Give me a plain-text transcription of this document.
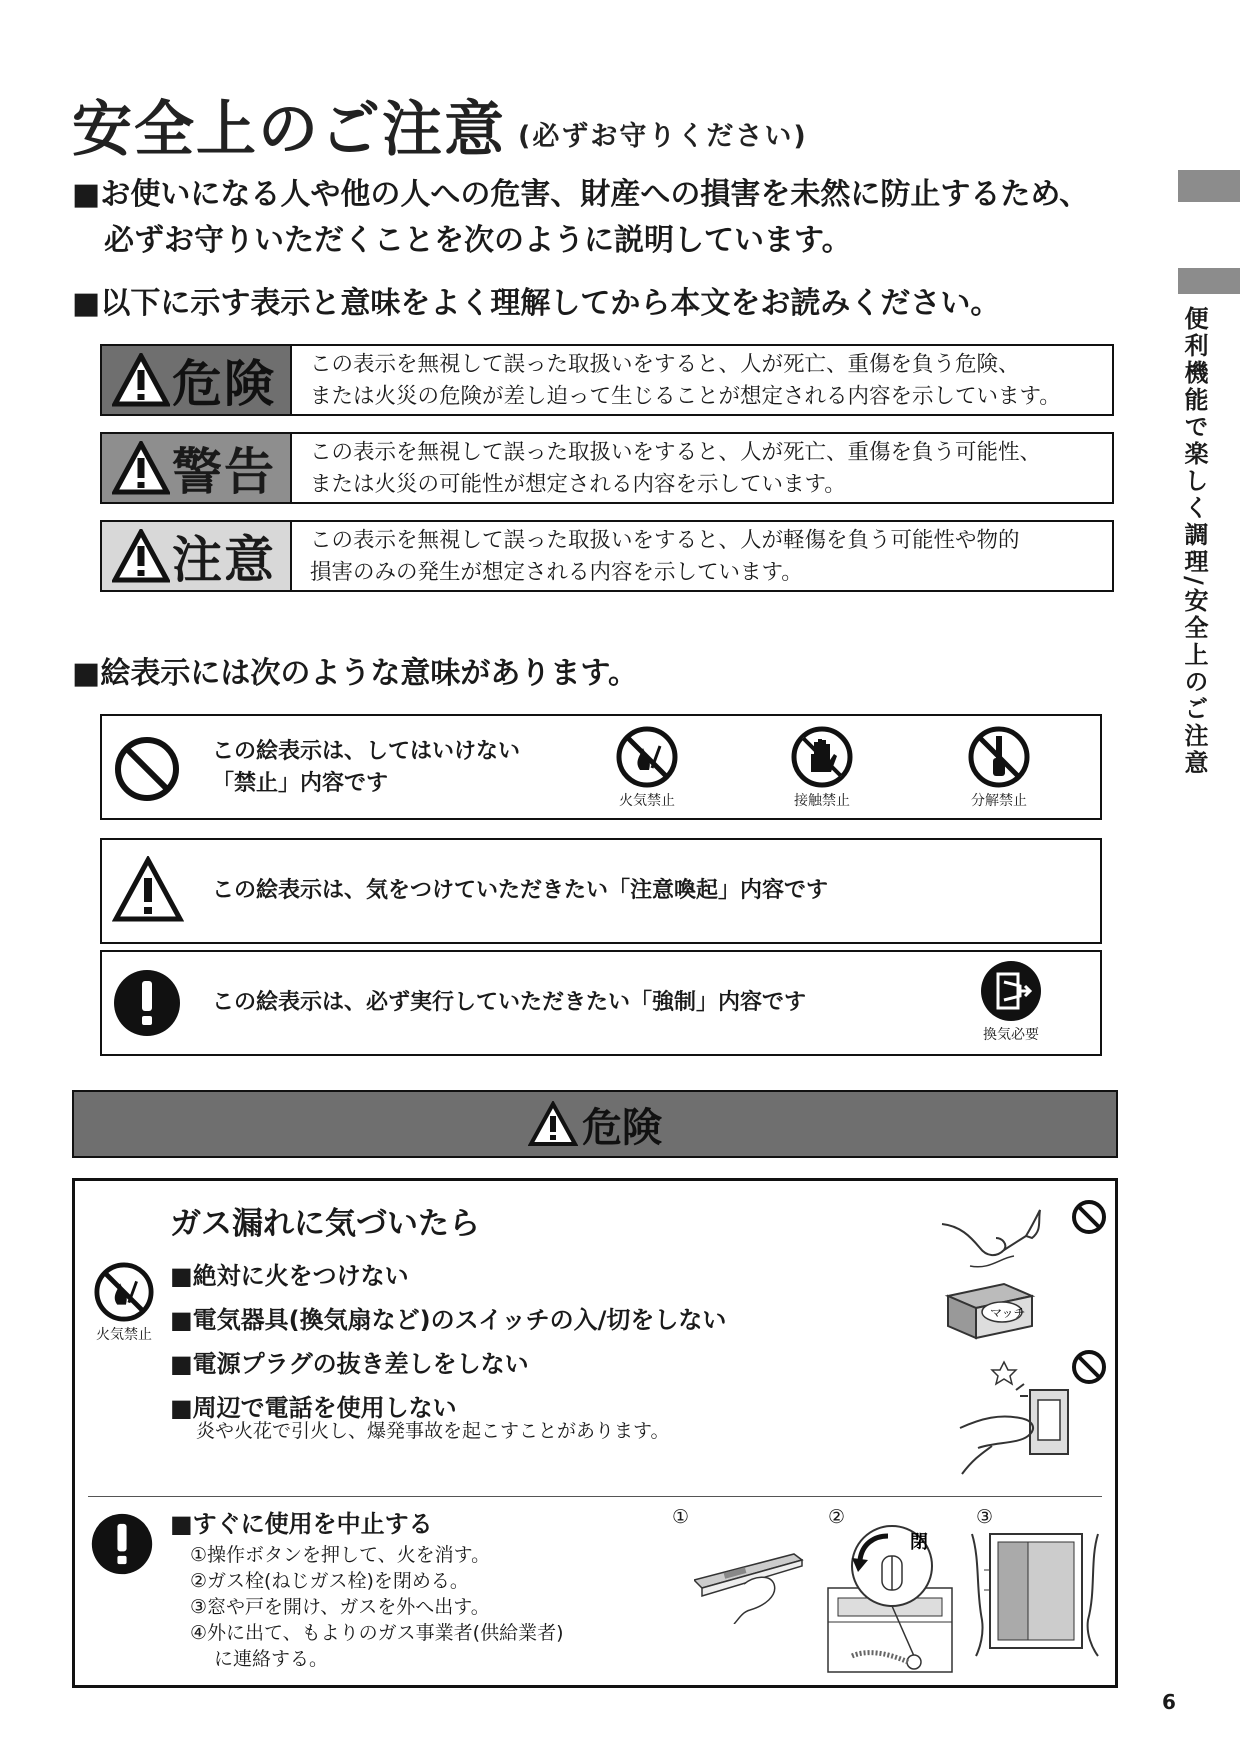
便利機能で楽しく調理/安全上のご注意
安全上のご注意 (必ずお守りください)
■お使いになる人や他の人への危害、財産への損害を未然に防止するため、
必ずお守りいただくことを次のように説明しています。
■以下に示す表示と意味をよく理解してから本文をお読みください。
危険 この表示を無視して誤った取扱いをすると、人が死亡、重傷を負う危険、
または火災の危険が差し迫って生じることが想定される内容を示しています。
警告 この表示を無視して誤った取扱いをすると、人が死亡、重傷を負う可能性、
または火災の可能性が想定される内容を示しています。
注意 この表示を無視して誤った取扱いをすると、人が軽傷を負う可能性や物的
損害のみの発生が想定される内容を示しています。
■絵表示には次のような意味があります。
この絵表示は、してはいけない
「禁止」内容です
火気禁止	接触禁止	分解禁止
この絵表示は、気をつけていただきたい「注意喚起」内容です
この絵表示は、必ず実行していただきたい「強制」内容です
換気必要
危険
火気禁止
ガス漏れに気づいたら
■絶対に火をつけない
■電気器具(換気扇など)のスイッチの入/切をしない
■電源プラグの抜き差しをしない
■周辺で電話を使用しない
炎や火花で引火し、爆発事故を起こすことがあります。
マッチ
■すぐに使用を中止する
①操作ボタンを押して、火を消す。
②ガス栓(ねじガス栓)を閉める。
③窓や戸を開け、ガスを外へ出す。
④外に出て、もよりのガス事業者(供給業者)
に連絡する。
①	②	③
閉
6
